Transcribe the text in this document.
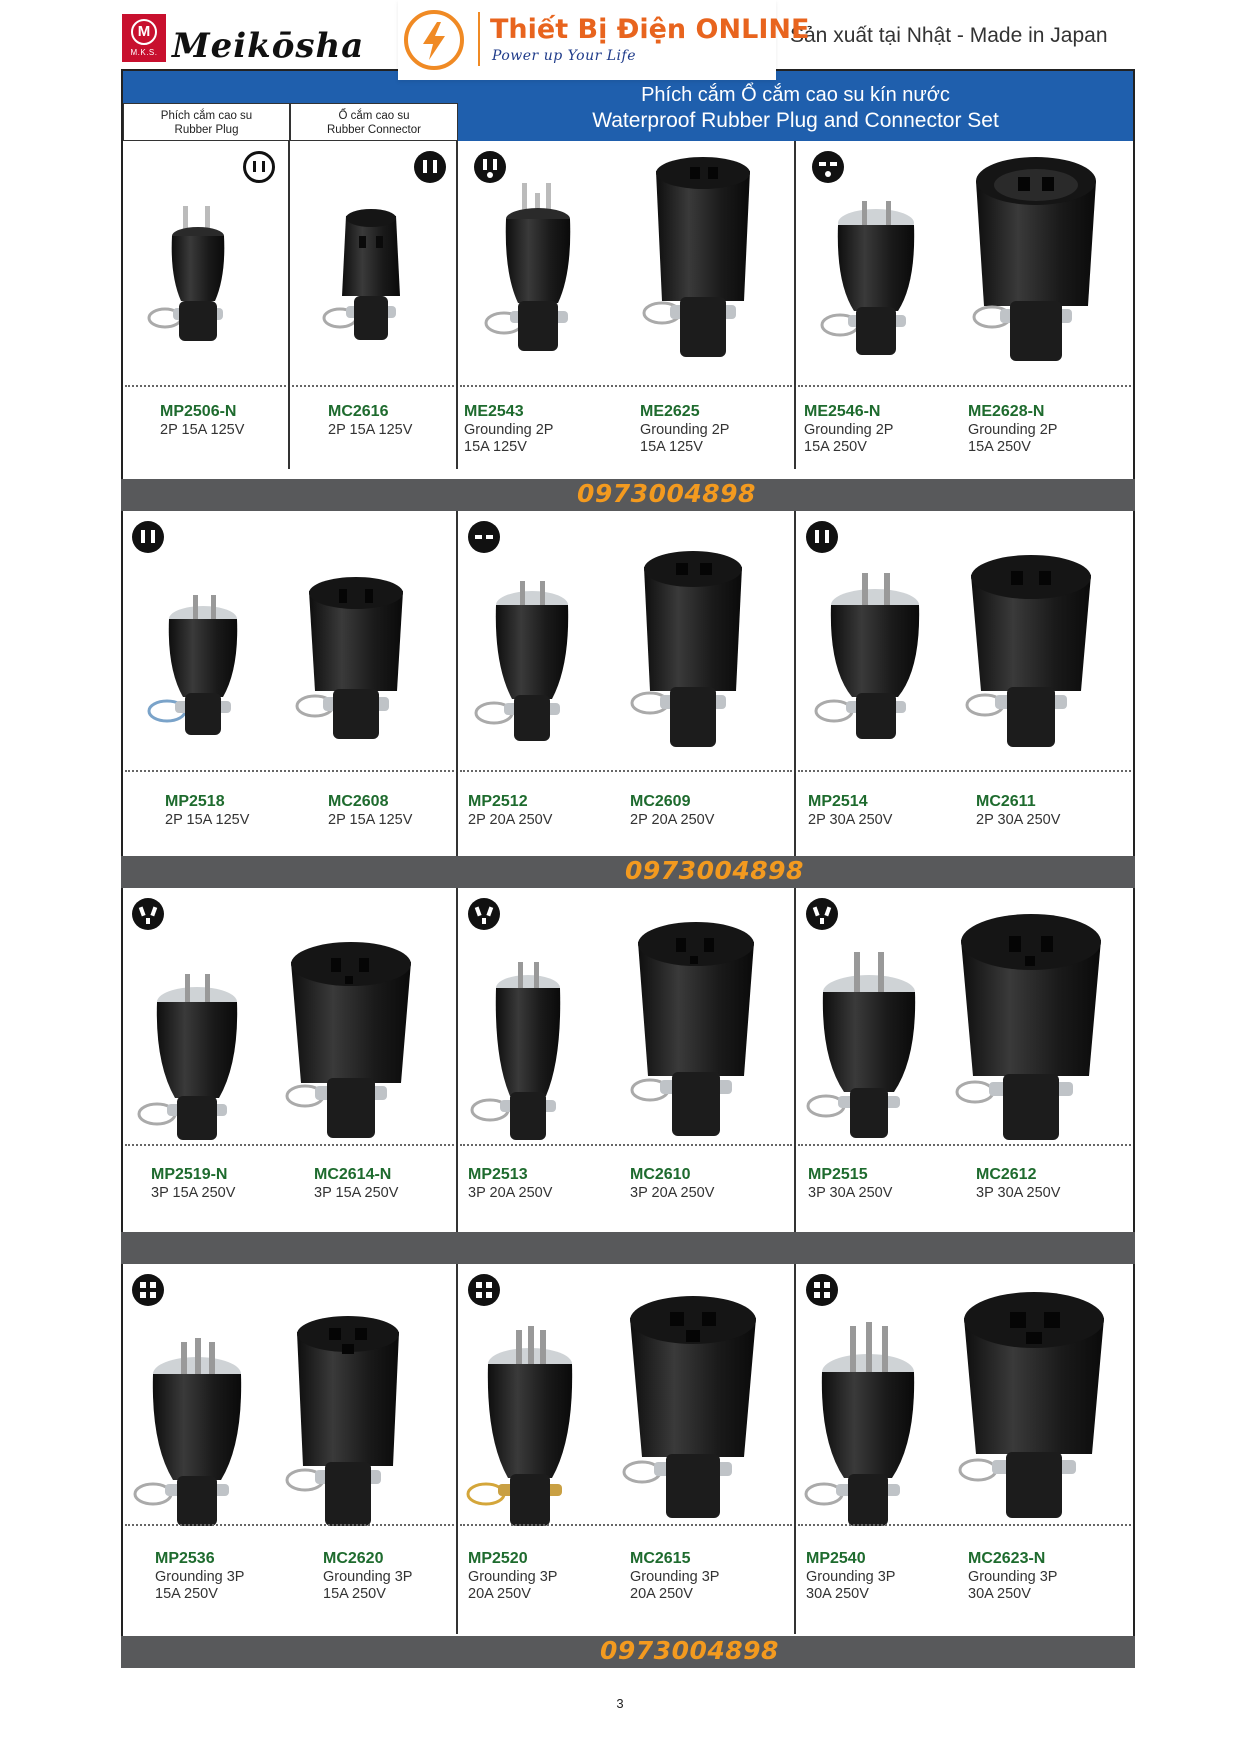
M
M.K.S. Meikōsha	Thiết Bị Điện ONLINE
Power up Your Life
Sản xuất tại Nhật - Made in Japan
Phích cắm Ổ cắm cao su kín nước
Waterproof Rubber Plug and Connector Set
Phích cắm cao su
Rubber Plug
Ổ cắm cao su
Rubber Connector
MP2506-N
2P 15A 125V
MC2616
2P 15A 125V
ME2543
Grounding 2P
15A 125V
ME2625
Grounding 2P
15A 125V
ME2546-N
Grounding 2P
15A 250V
ME2628-N
Grounding 2P
15A 250V
0973004898
MP2518
2P 15A 125V
MC2608
2P 15A 125V
MP2512
2P 20A 250V
MC2609
2P 20A 250V
MP2514
2P 30A 250V
MC2611
2P 30A 250V
0973004898
MP2519-N
3P 15A 250V
MC2614-N
3P 15A 250V
MP2513
3P 20A 250V
MC2610
3P 20A 250V
MP2515
3P 30A 250V
MC2612
3P 30A 250V
MP2536
Grounding 3P
15A 250V
MC2620
Grounding 3P
15A 250V
MP2520
Grounding 3P
20A 250V
MC2615
Grounding 3P
20A 250V
MP2540
Grounding 3P
30A 250V
MC2623-N
Grounding 3P
30A 250V
0973004898
3
